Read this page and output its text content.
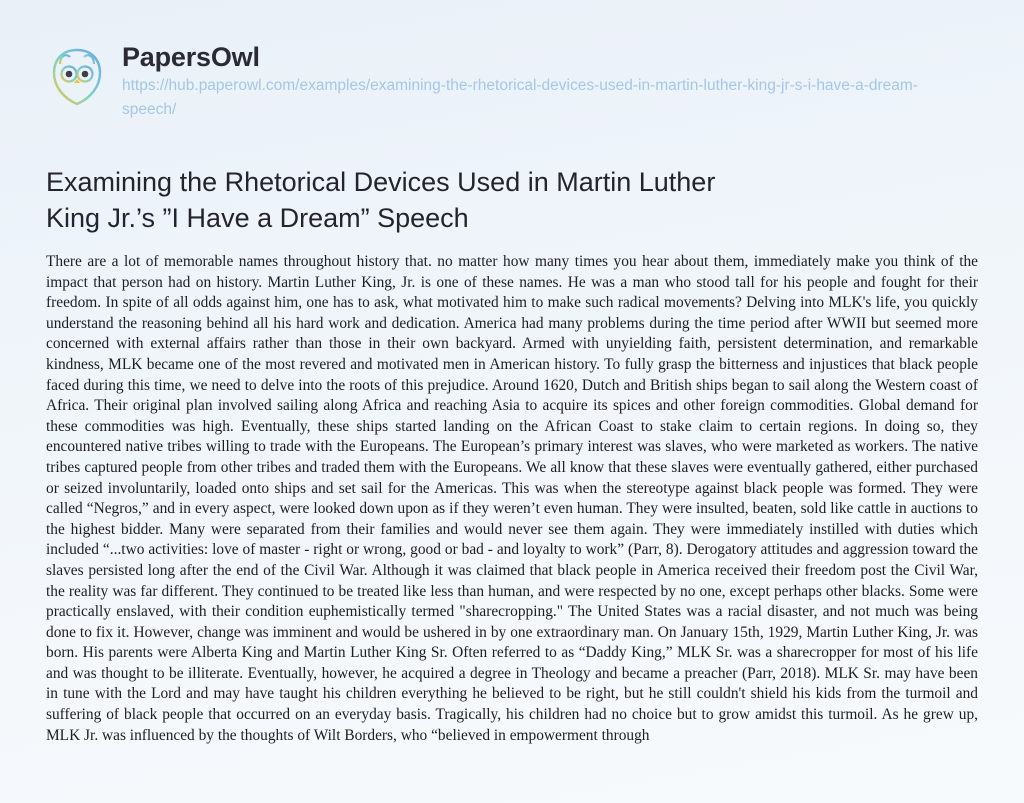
PapersOwl
https://hub.paperowl.com/examples/examining-the-rhetorical-devices-used-in-martin-luther-king-jr-s-i-have-a-dream-speech/
Examining the Rhetorical Devices Used in Martin Luther King Jr.’s ”I Have a Dream” Speech

There are a lot of memorable names throughout history that. no matter how many times you hear about them, immediately make you think of the impact that person had on history. Martin Luther King, Jr. is one of these names. He was a man who stood tall for his people and fought for their freedom. In spite of all odds against him, one has to ask, what motivated him to make such radical movements? Delving into MLK's life, you quickly understand the reasoning behind all his hard work and dedication. America had many problems during the time period after WWII but seemed more concerned with external affairs rather than those in their own backyard. Armed with unyielding faith, persistent determination, and remarkable kindness, MLK became one of the most revered and motivated men in American history. To fully grasp the bitterness and injustices that black people faced during this time, we need to delve into the roots of this prejudice. Around 1620, Dutch and British ships began to sail along the Western coast of Africa. Their original plan involved sailing along Africa and reaching Asia to acquire its spices and other foreign commodities. Global demand for these commodities was high. Eventually, these ships started landing on the African Coast to stake claim to certain regions. In doing so, they encountered native tribes willing to trade with the Europeans. The European’s primary interest was slaves, who were marketed as workers. The native tribes captured people from other tribes and traded them with the Europeans. We all know that these slaves were eventually gathered, either purchased or seized involuntarily, loaded onto ships and set sail for the Americas. This was when the stereotype against black people was formed. They were called “Negros,” and in every aspect, were looked down upon as if they weren’t even human. They were insulted, beaten, sold like cattle in auctions to the highest bidder. Many were separated from their families and would never see them again. They were immediately instilled with duties which included “...two activities: love of master - right or wrong, good or bad - and loyalty to work” (Parr, 8). Derogatory attitudes and aggression toward the slaves persisted long after the end of the Civil War. Although it was claimed that black people in America received their freedom post the Civil War, the reality was far different. They continued to be treated like less than human, and were respected by no one, except perhaps other blacks. Some were practically enslaved, with their condition euphemistically termed "sharecropping." The United States was a racial disaster, and not much was being done to fix it. However, change was imminent and would be ushered in by one extraordinary man. On January 15th, 1929, Martin Luther King, Jr. was born. His parents were Alberta King and Martin Luther King Sr. Often referred to as “Daddy King,” MLK Sr. was a sharecropper for most of his life and was thought to be illiterate. Eventually, however, he acquired a degree in Theology and became a preacher (Parr, 2018). MLK Sr. may have been in tune with the Lord and may have taught his children everything he believed to be right, but he still couldn't shield his kids from the turmoil and suffering of black people that occurred on an everyday basis. Tragically, his children had no choice but to grow amidst this turmoil. As he grew up, MLK Jr. was influenced by the thoughts of Wilt Borders, who “believed in empowerment through
